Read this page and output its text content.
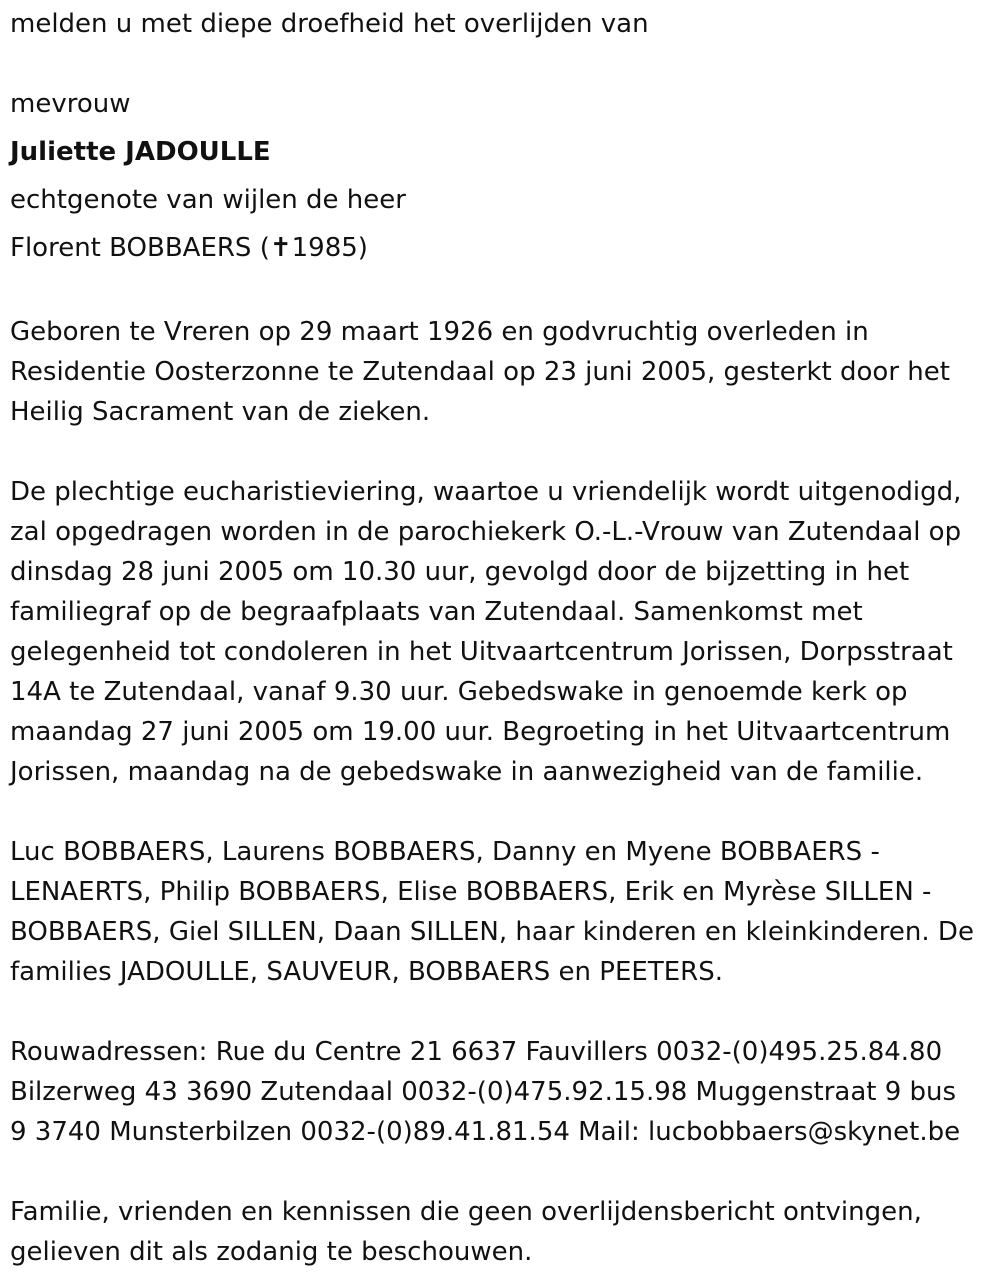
melden u met diepe droefheid het overlijden van
mevrouw
Juliette JADOULLE
echtgenote van wijlen de heer
Florent BOBBAERS (✝1985)
Geboren te Vreren op 29 maart 1926 en godvruchtig overleden in
Residentie Oosterzonne te Zutendaal op 23 juni 2005, gesterkt door het
Heilig Sacrament van de zieken.
De plechtige eucharistieviering, waartoe u vriendelijk wordt uitgenodigd,
zal opgedragen worden in de parochiekerk O.-L.-Vrouw van Zutendaal op
dinsdag 28 juni 2005 om 10.30 uur, gevolgd door de bijzetting in het
familiegraf op de begraafplaats van Zutendaal. Samenkomst met
gelegenheid tot condoleren in het Uitvaartcentrum Jorissen, Dorpsstraat
14A te Zutendaal, vanaf 9.30 uur. Gebedswake in genoemde kerk op
maandag 27 juni 2005 om 19.00 uur. Begroeting in het Uitvaartcentrum
Jorissen, maandag na de gebedswake in aanwezigheid van de familie.
Luc BOBBAERS, Laurens BOBBAERS, Danny en Myene BOBBAERS -
LENAERTS, Philip BOBBAERS, Elise BOBBAERS, Erik en Myrèse SILLEN -
BOBBAERS, Giel SILLEN, Daan SILLEN, haar kinderen en kleinkinderen. De
families JADOULLE, SAUVEUR, BOBBAERS en PEETERS.
Rouwadressen: Rue du Centre 21 6637 Fauvillers 0032-(0)495.25.84.80
Bilzerweg 43 3690 Zutendaal 0032-(0)475.92.15.98 Muggenstraat 9 bus
9 3740 Munsterbilzen 0032-(0)89.41.81.54 Mail: lucbobbaers@skynet.be
Familie, vrienden en kennissen die geen overlijdensbericht ontvingen,
gelieven dit als zodanig te beschouwen.
